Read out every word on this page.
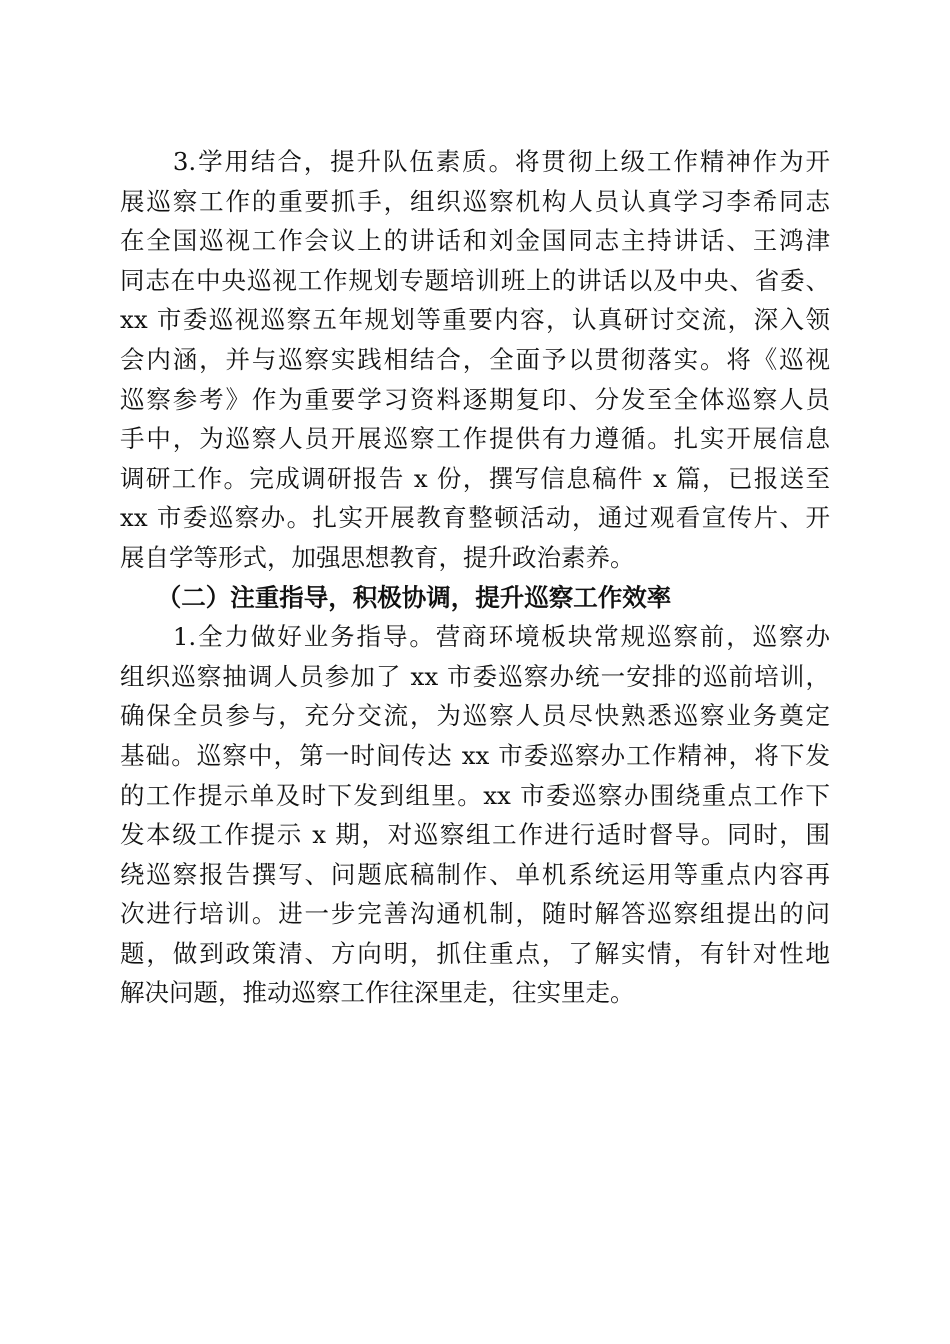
　　3.学用结合，提升队伍素质。将贯彻上级工作精神作为开
展巡察工作的重要抓手，组织巡察机构人员认真学习李希同志
在全国巡视工作会议上的讲话和刘金国同志主持讲话、王鸿津
同志在中央巡视工作规划专题培训班上的讲话以及中央、省委、
xx 市委巡视巡察五年规划等重要内容，认真研讨交流，深入领
会内涵，并与巡察实践相结合，全面予以贯彻落实。将《巡视
巡察参考》作为重要学习资料逐期复印、分发至全体巡察人员
手中，为巡察人员开展巡察工作提供有力遵循。扎实开展信息
调研工作。完成调研报告 x 份，撰写信息稿件 x 篇，已报送至
xx 市委巡察办。扎实开展教育整顿活动，通过观看宣传片、开
展自学等形式，加强思想教育，提升政治素养。
　　（二）注重指导，积极协调，提升巡察工作效率
　　1.全力做好业务指导。营商环境板块常规巡察前，巡察办
组织巡察抽调人员参加了 xx 市委巡察办统一安排的巡前培训，
确保全员参与，充分交流，为巡察人员尽快熟悉巡察业务奠定
基础。巡察中，第一时间传达 xx 市委巡察办工作精神，将下发
的工作提示单及时下发到组里。xx 市委巡察办围绕重点工作下
发本级工作提示 x 期，对巡察组工作进行适时督导。同时，围
绕巡察报告撰写、问题底稿制作、单机系统运用等重点内容再
次进行培训。进一步完善沟通机制，随时解答巡察组提出的问
题，做到政策清、方向明，抓住重点，了解实情，有针对性地
解决问题，推动巡察工作往深里走，往实里走。
